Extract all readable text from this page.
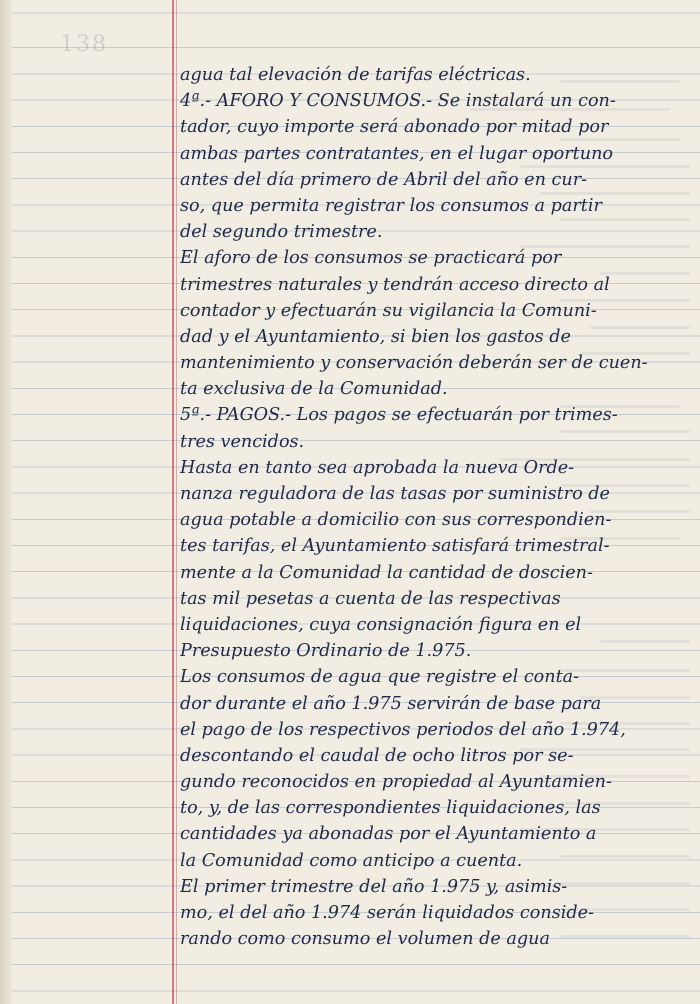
138
agua tal elevación de tarifas eléctricas.
4ª.- AFORO Y CONSUMOS.- Se instalará un con-
tador, cuyo importe será abonado por mitad por
ambas partes contratantes, en el lugar oportuno
antes del día primero de Abril del año en cur-
so, que permita registrar los consumos a partir
del segundo trimestre.
El aforo de los consumos se practicará por
trimestres naturales y tendrán acceso directo al
contador y efectuarán su vigilancia la Comuni-
dad y el Ayuntamiento, si bien los gastos de
mantenimiento y conservación deberán ser de cuen-
ta exclusiva de la Comunidad.
5ª.- PAGOS.- Los pagos se efectuarán por trimes-
tres vencidos.
Hasta en tanto sea aprobada la nueva Orde-
nanza reguladora de las tasas por suministro de
agua potable a domicilio con sus correspondien-
tes tarifas, el Ayuntamiento satisfará trimestral-
mente a la Comunidad la cantidad de doscien-
tas mil pesetas a cuenta de las respectivas
liquidaciones, cuya consignación figura en el
Presupuesto Ordinario de 1.975.
Los consumos de agua que registre el conta-
dor durante el año 1.975 servirán de base para
el pago de los respectivos periodos del año 1.974,
descontando el caudal de ocho litros por se-
gundo reconocidos en propiedad al Ayuntamien-
to, y, de las correspondientes liquidaciones, las
cantidades ya abonadas por el Ayuntamiento a
la Comunidad como anticipo a cuenta.
El primer trimestre del año 1.975 y, asimis-
mo, el del año 1.974 serán liquidados conside-
rando como consumo el volumen de agua
